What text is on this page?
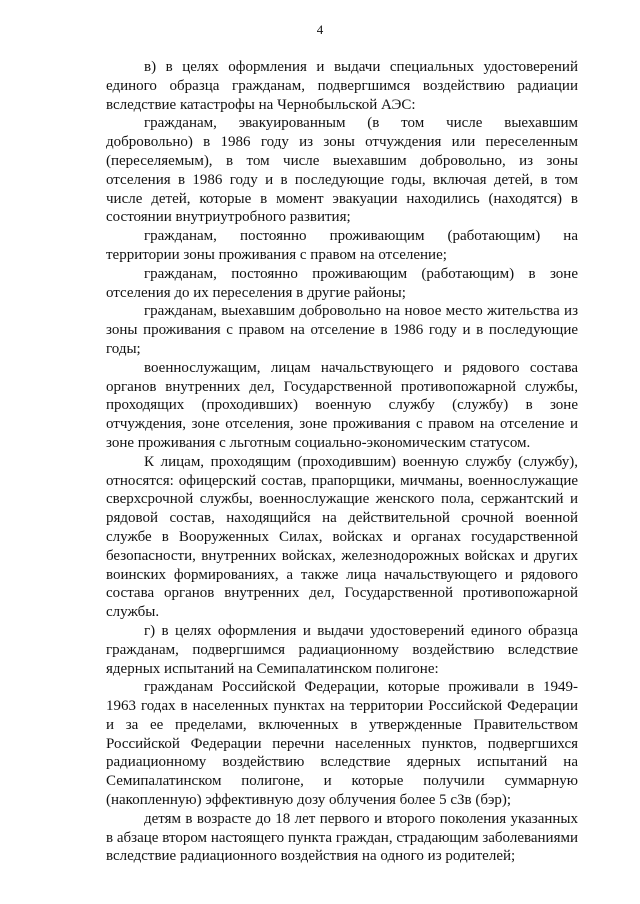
4

в) в целях оформления и выдачи специальных удостоверений единого образца гражданам, подвергшимся воздействию радиации вследствие катастрофы на Чернобыльской АЭС:

гражданам, эвакуированным (в том числе выехавшим добровольно) в 1986 году из зоны отчуждения или переселенным (переселяемым), в том числе выехавшим добровольно, из зоны отселения в 1986 году и в последующие годы, включая детей, в том числе детей, которые в момент эвакуации находились (находятся) в состоянии внутриутробного развития;

гражданам, постоянно проживающим (работающим) на территории зоны проживания с правом на отселение;

гражданам, постоянно проживающим (работающим) в зоне отселения до их переселения в другие районы;

гражданам, выехавшим добровольно на новое место жительства из зоны проживания с правом на отселение в 1986 году и в последующие годы;

военнослужащим, лицам начальствующего и рядового состава органов внутренних дел, Государственной противопожарной службы, проходящих (проходивших) военную службу (службу) в зоне отчуждения, зоне отселения, зоне проживания с правом на отселение и зоне проживания с льготным социально-экономическим статусом.

К лицам, проходящим (проходившим) военную службу (службу), относятся: офицерский состав, прапорщики, мичманы, военнослужащие сверхсрочной службы, военнослужащие женского пола, сержантский и рядовой состав, находящийся на действительной срочной военной службе в Вооруженных Силах, войсках и органах государственной безопасности, внутренних войсках, железнодорожных войсках и других воинских формированиях, а также лица начальствующего и рядового состава органов внутренних дел, Государственной противопожарной службы.

г) в целях оформления и выдачи удостоверений единого образца гражданам, подвергшимся радиационному воздействию вследствие ядерных испытаний на Семипалатинском полигоне:

гражданам Российской Федерации, которые проживали в 1949-1963 годах в населенных пунктах на территории Российской Федерации и за ее пределами, включенных в утвержденные Правительством Российской Федерации перечни населенных пунктов, подвергшихся радиационному воздействию вследствие ядерных испытаний на Семипалатинском полигоне, и которые получили суммарную (накопленную) эффективную дозу облучения более 5 сЗв (бэр);

детям в возрасте до 18 лет первого и второго поколения указанных в абзаце втором настоящего пункта граждан, страдающим заболеваниями вследствие радиационного воздействия на одного из родителей;
